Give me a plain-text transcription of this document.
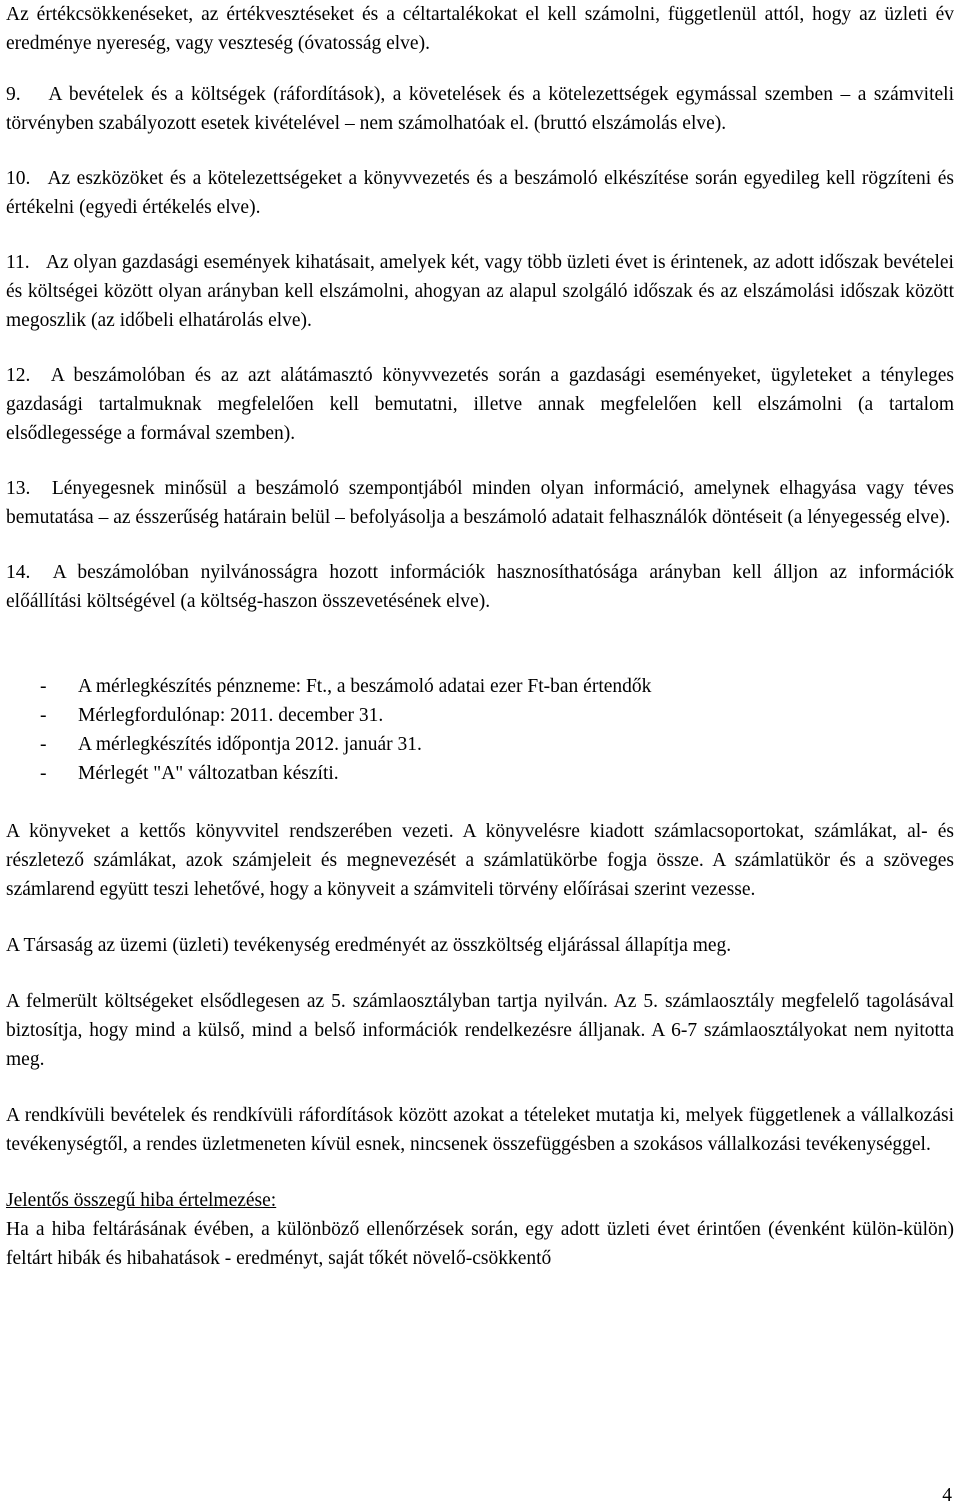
Az értékcsökkenéseket, az értékvesztéseket és a céltartalékokat el kell számolni, függetlenül attól, hogy az üzleti év eredménye nyereség, vagy veszteség (óvatosság elve).

9. A bevételek és a költségek (ráfordítások), a követelések és a kötelezettségek egymással szemben – a számviteli törvényben szabályozott esetek kivételével – nem számolhatóak el. (bruttó elszámolás elve).

10. Az eszközöket és a kötelezettségeket a könyvvezetés és a beszámoló elkészítése során egyedileg kell rögzíteni és értékelni (egyedi értékelés elve).

11. Az olyan gazdasági események kihatásait, amelyek két, vagy több üzleti évet is érintenek, az adott időszak bevételei és költségei között olyan arányban kell elszámolni, ahogyan az alapul szolgáló időszak és az elszámolási időszak között megoszlik (az időbeli elhatárolás elve).

12. A beszámolóban és az azt alátámasztó könyvvezetés során a gazdasági eseményeket, ügyleteket a tényleges gazdasági tartalmuknak megfelelően kell bemutatni, illetve annak megfelelően kell elszámolni (a tartalom elsődlegessége a formával szemben).

13. Lényegesnek minősül a beszámoló szempontjából minden olyan információ, amelynek elhagyása vagy téves bemutatása – az ésszerűség határain belül – befolyásolja a beszámoló adatait felhasználók döntéseit (a lényegesség elve).

14. A beszámolóban nyilvánosságra hozott információk hasznosíthatósága arányban kell álljon az információk előállítási költségével (a költség-haszon összevetésének elve).

- A mérlegkészítés pénzneme: Ft., a beszámoló adatai ezer Ft-ban értendők
- Mérlegfordulónap: 2011. december 31.
- A mérlegkészítés időpontja 2012. január 31.
- Mérlegét "A" változatban készíti.

A könyveket a kettős könyvvitel rendszerében vezeti. A könyvelésre kiadott számlacsoportokat, számlákat, al- és részletező számlákat, azok számjeleit és megnevezését a számlatükörbe fogja össze. A számlatükör és a szöveges számlarend együtt teszi lehetővé, hogy a könyveit a számviteli törvény előírásai szerint vezesse.

A Társaság az üzemi (üzleti) tevékenység eredményét az összköltség eljárással állapítja meg.

A felmerült költségeket elsődlegesen az 5. számlaosztályban tartja nyilván. Az 5. számlaosztály megfelelő tagolásával biztosítja, hogy mind a külső, mind a belső információk rendelkezésre álljanak. A 6-7 számlaosztályokat nem nyitotta meg.

A rendkívüli bevételek és rendkívüli ráfordítások között azokat a tételeket mutatja ki, melyek függetlenek a vállalkozási tevékenységtől, a rendes üzletmeneten kívül esnek, nincsenek összefüggésben a szokásos vállalkozási tevékenységgel.

Jelentős összegű hiba értelmezése:

Ha a hiba feltárásának évében, a különböző ellenőrzések során, egy adott üzleti évet érintően (évenként külön-külön) feltárt hibák és hibahatások - eredményt, saját tőkét növelő-csökkentő

4
